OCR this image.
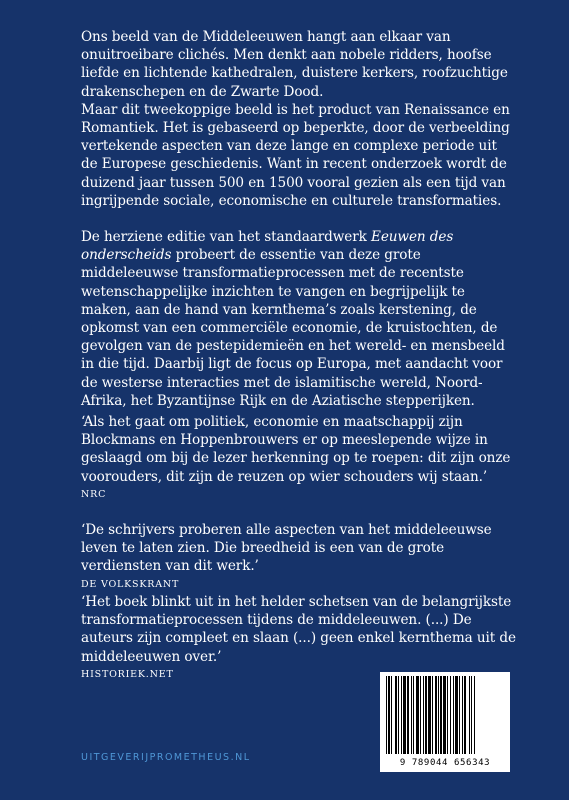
Ons beeld van de Middeleeuwen hangt aan elkaar van onuitroeibare clichés. Men denkt aan nobele ridders, hoofse liefde en lichtende kathedralen, duistere kerkers, roofzuchtige drakenschepen en de Zwarte Dood.

Maar dit tweekoppige beeld is het product van Renaissance en Romantiek. Het is gebaseerd op beperkte, door de verbeelding vertekende aspecten van deze lange en complexe periode uit de Europese geschiedenis. Want in recent onderzoek wordt de duizend jaar tussen 500 en 1500 vooral gezien als een tijd van ingrijpende sociale, economische en culturele transformaties.

De herziene editie van het standaardwerk Eeuwen des onderscheids probeert de essentie van deze grote middeleeuwse transformatieprocessen met de recentste wetenschappelijke inzichten te vangen en begrijpelijk te maken, aan de hand van kernthema’s zoals kerstening, de opkomst van een commerciële economie, de kruistochten, de gevolgen van de pestepidemieën en het wereld- en mensbeeld in die tijd. Daarbij ligt de focus op Europa, met aandacht voor de westerse interacties met de islamitische wereld, Noord-Afrika, het Byzantijnse Rijk en de Aziatische stepperijken.

‘Als het gaat om politiek, economie en maatschappij zijn Blockmans en Hoppenbrouwers er op meeslepende wijze in geslaagd om bij de lezer herkenning op te roepen: dit zijn onze voorouders, dit zijn de reuzen op wier schouders wij staan.’

NRC

‘De schrijvers proberen alle aspecten van het middeleeuwse leven te laten zien. Die breedheid is een van de grote verdiensten van dit werk.’

DE VOLKSKRANT

‘Het boek blinkt uit in het helder schetsen van de belangrijkste transformatieprocessen tijdens de middeleeuwen. (...) De auteurs zijn compleet en slaan (...) geen enkel kernthema uit de middeleeuwen over.’

HISTORIEK.NET

UITGEVERIJPROMETHEUS.NL	9 789044 656343
